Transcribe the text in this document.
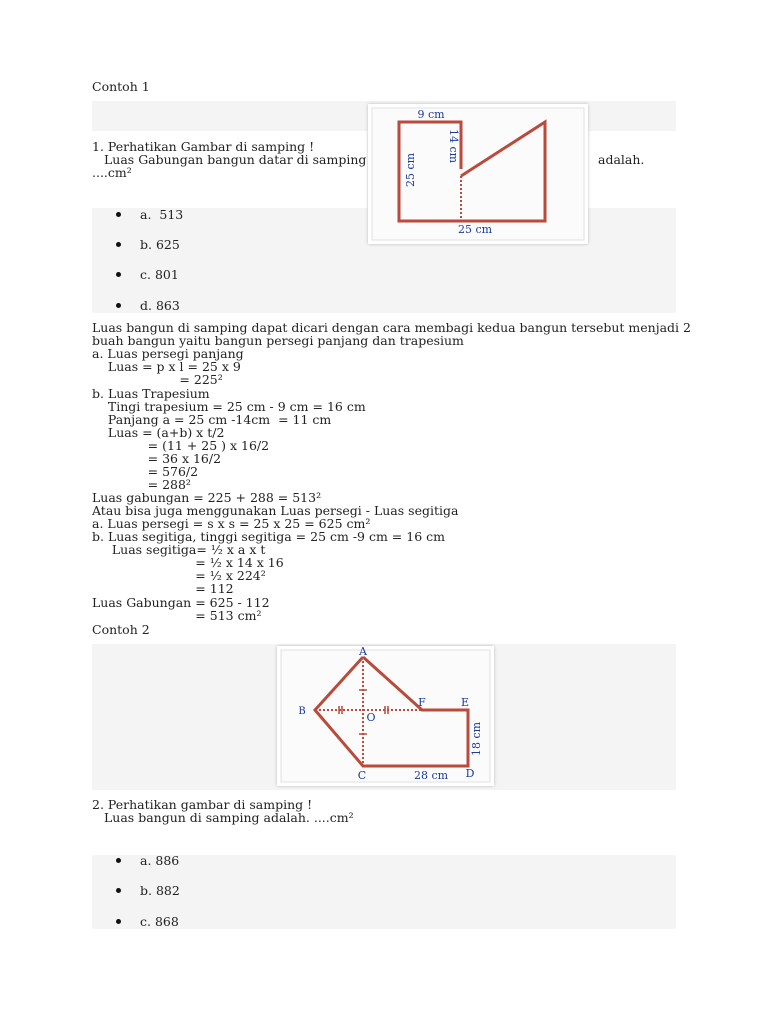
Contoh 1
1. Perhatikan Gambar di samping !
Luas Gabungan bangun datar di samping	adalah.
....cm²
9 cm
25 cm
14 cm
25 cm
a.  513
b. 625
c. 801
d. 863
Luas bangun di samping dapat dicari dengan cara membagi kedua bangun tersebut menjadi 2
buah bangun yaitu bangun persegi panjang dan trapesium
a. Luas persegi panjang
Luas = p x l = 25 x 9
= 225²
b. Luas Trapesium
Tingi trapesium = 25 cm - 9 cm = 16 cm
Panjang a = 25 cm -14cm  = 11 cm
Luas = (a+b) x t/2
= (11 + 25 ) x 16/2
= 36 x 16/2
= 576/2
= 288²
Luas gabungan = 225 + 288 = 513²
Atau bisa juga menggunakan Luas persegi - Luas segitiga
a. Luas persegi = s x s = 25 x 25 = 625 cm²
b. Luas segitiga, tinggi segitiga = 25 cm -9 cm = 16 cm
Luas segitiga= ½ x a x t
= ½ x 14 x 16
= ½ x 224²
= 112
Luas Gabungan = 625 - 112
= 513 cm²
Contoh 2
A
B
C	D
E
F
O
18 cm
28 cm
2. Perhatikan gambar di samping !
Luas bangun di samping adalah. ....cm²
a. 886
b. 882
c. 868
